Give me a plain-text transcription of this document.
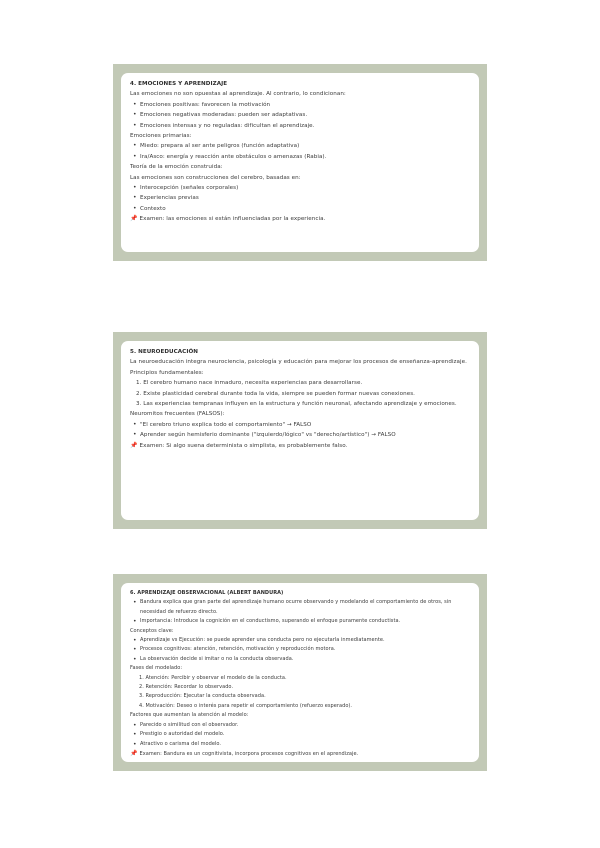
4. EMOCIONES Y APRENDIZAJE
Las emociones no son opuestas al aprendizaje. Al contrario, lo condicionan:
• Emociones positivas: favorecen la motivación
• Emociones negativas moderadas: pueden ser adaptativas.
• Emociones intensas y no reguladas: dificultan el aprendizaje.
Emociones primarias:
• Miedo: prepara al ser ante peligros (función adaptativa)
• Ira/Asco: energía y reacción ante obstáculos o amenazas (Rabia).
Teoría de la emoción construida:
Las emociones son construcciones del cerebro, basadas en:
• Interocepción (señales corporales)
• Experiencias previas
• Contexto
📌 Examen: las emociones si están influenciadas por la experiencia.
5. NEUROEDUCACIÓN
La neuroeducación integra neurociencia, psicología y educación para mejorar los procesos de enseñanza-aprendizaje.
Principios fundamentales:
1. El cerebro humano nace inmaduro, necesita experiencias para desarrollarse.
2. Existe plasticidad cerebral durante toda la vida, siempre se pueden formar nuevas conexiones.
3. Las experiencias tempranas influyen en la estructura y función neuronal, afectando aprendizaje y emociones.
Neuromitos frecuentes (FALSOS):
• "El cerebro triuno explica todo el comportamiento" → FALSO
• Aprender según hemisferio dominante ("izquierdo/lógico" vs "derecho/artístico") → FALSO
📌 Examen: Si algo suena determinista o simplista, es probablemente falso.
6. APRENDIZAJE OBSERVACIONAL (ALBERT BANDURA)
• Bandura explica que gran parte del aprendizaje humano ocurre observando y modelando el comportamiento de otros, sin necesidad de refuerzo directo.
• Importancia: Introduce la cognición en el conductismo, superando el enfoque puramente conductista.
Conceptos clave:
• Aprendizaje vs Ejecución: se puede aprender una conducta pero no ejecutarla inmediatamente.
• Procesos cognitivos: atención, retención, motivación y reproducción motora.
• La observación decide si imitar o no la conducta observada.
Fases del modelado:
1. Atención: Percibir y observar el modelo de la conducta.
2. Retención: Recordar lo observado.
3. Reproducción: Ejecutar la conducta observada.
4. Motivación: Deseo o interés para repetir el comportamiento (refuerzo esperado).
Factores que aumentan la atención al modelo:
• Parecido o similitud con el observador.
• Prestigio o autoridad del modelo.
• Atractivo o carisma del modelo.
📌 Examen: Bandura es un cognitivista, incorpora procesos cognitivos en el aprendizaje.
